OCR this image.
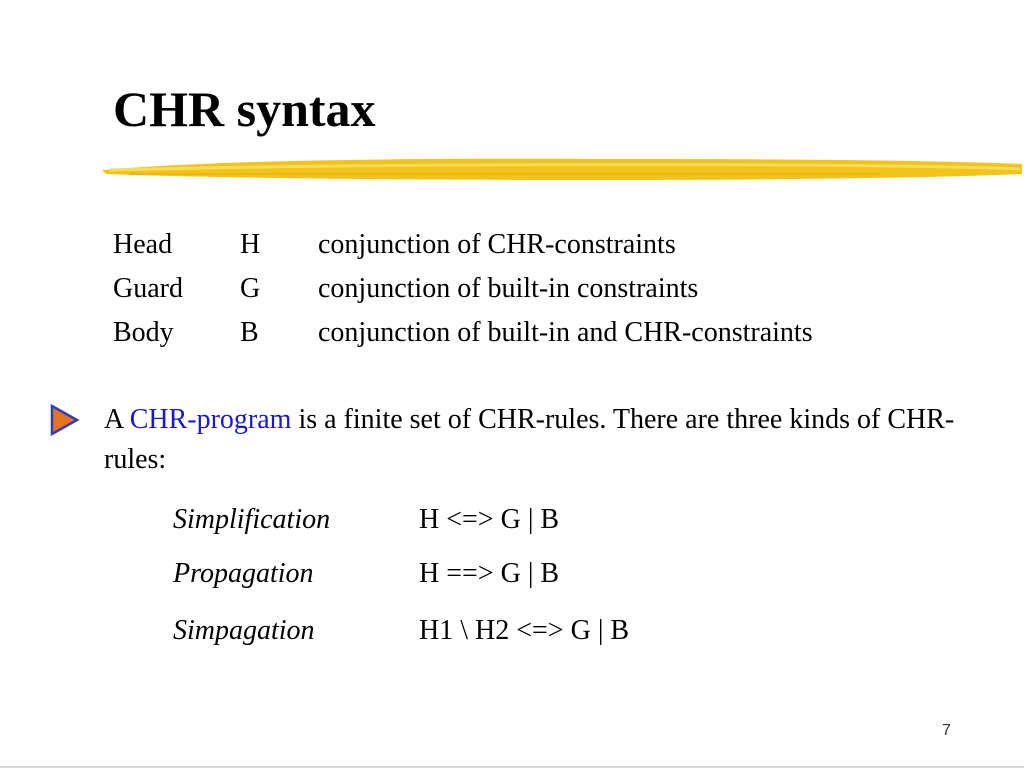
CHR syntax
Head	H	conjunction of CHR-constraints
Guard	G	conjunction of built-in constraints
Body	B	conjunction of built-in and CHR-constraints
A CHR-program is a finite set of CHR-rules. There are three kinds of CHR-rules:
Simplification	H <=> G | B
Propagation	H ==> G | B
Simpagation	H1 \ H2 <=> G | B
7
